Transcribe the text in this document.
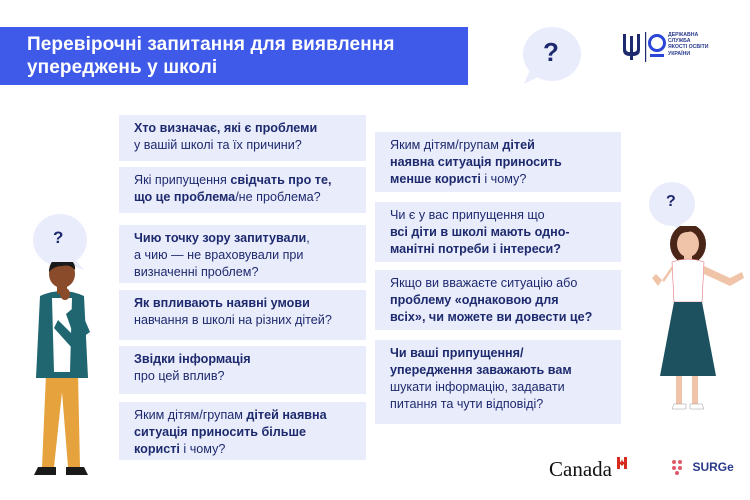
Перевірочні запитання для виявлення
упереджень у школі
?
ДЕРЖАВНА
СЛУЖБА
ЯКОСТІ ОСВІТИ
УКРАЇНИ
Хто визначає, які є проблеми
у вашій школі та їх причини?
Які припущення свідчать про те,
що це проблема/не проблема?
Чию точку зору запитували,
а чию — не враховували при
визначенні проблем?
Як впливають наявні умови
навчання в школі на різних дітей?
Звідки інформація
про цей вплив?
Яким дітям/групам дітей наявна
ситуація приносить більше
користі і чому?
Яким дітям/групам дітей
наявна ситуація приносить
менше користі і чому?
Чи є у вас припущення що
всі діти в школі мають одно-
манітні потреби і інтереси?
Якщо ви вважаєте ситуацію або
проблему «однаковою для
всіх», чи можете ви довести це?
Чи ваші припущення/
упередження заважають вам
шукати інформацію, задавати
питання та чути відповіді?
?
?
Canada	SURGe
